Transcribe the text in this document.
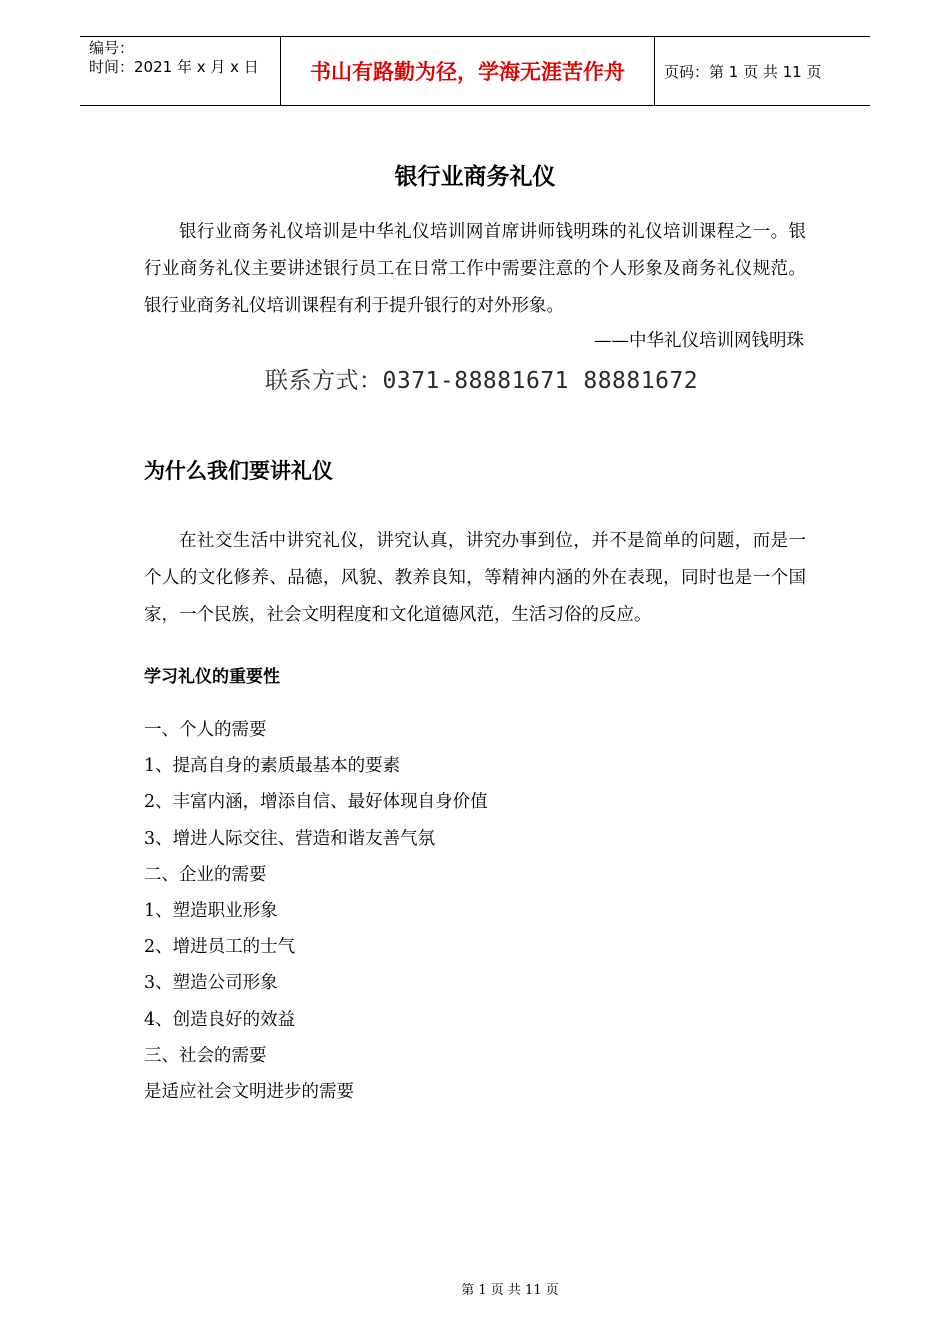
编号：
时间：2021 年 x 月 x 日	书山有路勤为径，学海无涯苦作舟	页码：第 1 页 共 11 页
银行业商务礼仪
银行业商务礼仪培训是中华礼仪培训网首席讲师钱明珠的礼仪培训课程之一。银行业商务礼仪主要讲述银行员工在日常工作中需要注意的个人形象及商务礼仪规范。银行业商务礼仪培训课程有利于提升银行的对外形象。
——中华礼仪培训网钱明珠
联系方式：0371-88881671 88881672
为什么我们要讲礼仪
在社交生活中讲究礼仪，讲究认真，讲究办事到位，并不是简单的问题，而是一个人的文化修养、品德，风貌、教养良知，等精神内涵的外在表现，同时也是一个国家，一个民族，社会文明程度和文化道德风范，生活习俗的反应。
学习礼仪的重要性
一、个人的需要
1、提高自身的素质最基本的要素
2、丰富内涵，增添自信、最好体现自身价值
3、增进人际交往、营造和谐友善气氛
二、企业的需要
1、塑造职业形象
2、增进员工的士气
3、塑造公司形象
4、创造良好的效益
三、社会的需要
是适应社会文明进步的需要
第 1 页 共 11 页
